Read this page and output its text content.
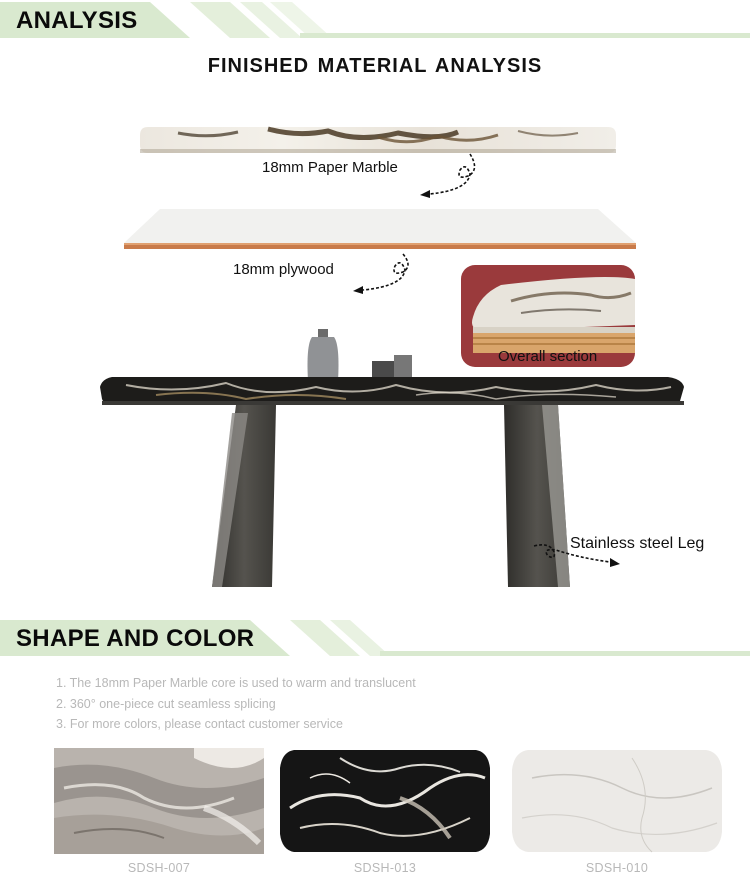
ANALYSIS
FINISHED MATERIAL ANALYSIS
18mm Paper Marble
18mm plywood
Overall section
Stainless steel Leg
SHAPE AND COLOR
1. The 18mm Paper Marble core is used to warm and translucent
2. 360° one-piece cut seamless splicing
3. For more colors, please contact customer service
SDSH-007	SDSH-013	SDSH-010
